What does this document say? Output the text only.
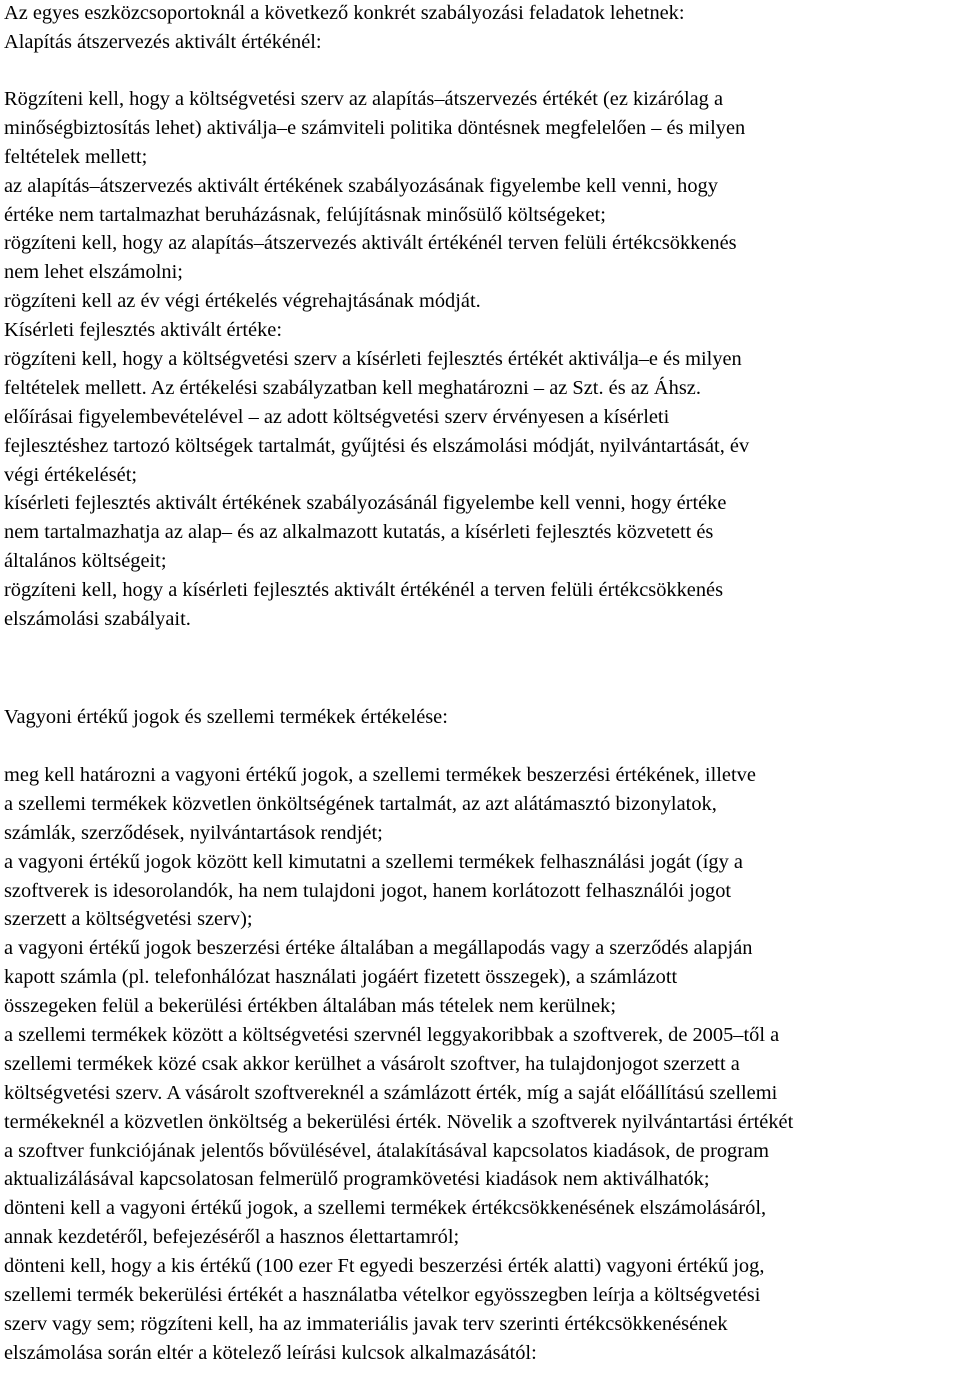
Az egyes eszközcsoportoknál a következő konkrét szabályozási feladatok lehetnek:
Alapítás átszervezés aktivált értékénél:
Rögzíteni kell, hogy a költségvetési szerv az alapítás–átszervezés értékét (ez kizárólag a
minőségbiztosítás lehet) aktiválja–e számviteli politika döntésnek megfelelően – és milyen
feltételek mellett;
az alapítás–átszervezés aktivált értékének szabályozásának figyelembe kell venni, hogy
értéke nem tartalmazhat beruházásnak, felújításnak minősülő költségeket;
rögzíteni kell, hogy az alapítás–átszervezés aktivált értékénél terven felüli értékcsökkenés
nem lehet elszámolni;
rögzíteni kell az év végi értékelés végrehajtásának módját.
Kísérleti fejlesztés aktivált értéke:
rögzíteni kell, hogy a költségvetési szerv a kísérleti fejlesztés értékét aktiválja–e és milyen
feltételek mellett. Az értékelési szabályzatban kell meghatározni – az Szt. és az Áhsz.
előírásai figyelembevételével – az adott költségvetési szerv érvényesen a kísérleti
fejlesztéshez tartozó költségek tartalmát, gyűjtési és elszámolási módját, nyilvántartását, év
végi értékelését;
kísérleti fejlesztés aktivált értékének szabályozásánál figyelembe kell venni, hogy értéke
nem tartalmazhatja az alap– és az alkalmazott kutatás, a kísérleti fejlesztés közvetett és
általános költségeit;
rögzíteni kell, hogy a kísérleti fejlesztés aktivált értékénél a terven felüli értékcsökkenés
elszámolási szabályait.
Vagyoni értékű jogok és szellemi termékek értékelése:
meg kell határozni a vagyoni értékű jogok, a szellemi termékek beszerzési értékének, illetve
a szellemi termékek közvetlen önköltségének tartalmát, az azt alátámasztó bizonylatok,
számlák, szerződések, nyilvántartások rendjét;
a vagyoni értékű jogok között kell kimutatni a szellemi termékek felhasználási jogát (így a
szoftverek is idesorolandók, ha nem tulajdoni jogot, hanem korlátozott felhasználói jogot
szerzett a költségvetési szerv);
a vagyoni értékű jogok beszerzési értéke általában a megállapodás vagy a szerződés alapján
kapott számla (pl. telefonhálózat használati jogáért fizetett összegek), a számlázott
összegeken felül a bekerülési értékben általában más tételek nem kerülnek;
a szellemi termékek között a költségvetési szervnél leggyakoribbak a szoftverek, de 2005–től a
szellemi termékek közé csak akkor kerülhet a vásárolt szoftver, ha tulajdonjogot szerzett a
költségvetési szerv. A vásárolt szoftvereknél a számlázott érték, míg a saját előállítású szellemi
termékeknél a közvetlen önköltség a bekerülési érték. Növelik a szoftverek nyilvántartási értékét
a szoftver funkciójának jelentős bővülésével, átalakításával kapcsolatos kiadások, de program
aktualizálásával kapcsolatosan felmerülő programkövetési kiadások nem aktiválhatók;
dönteni kell a vagyoni értékű jogok, a szellemi termékek értékcsökkenésének elszámolásáról,
annak kezdetéről, befejezéséről a hasznos élettartamról;
dönteni kell, hogy a kis értékű (100 ezer Ft egyedi beszerzési érték alatti) vagyoni értékű jog,
szellemi termék bekerülési értékét a használatba vételkor egyösszegben leírja a költségvetési
szerv vagy sem; rögzíteni kell, ha az immateriális javak terv szerinti értékcsökkenésének
elszámolása során eltér a kötelező leírási kulcsok alkalmazásától:
